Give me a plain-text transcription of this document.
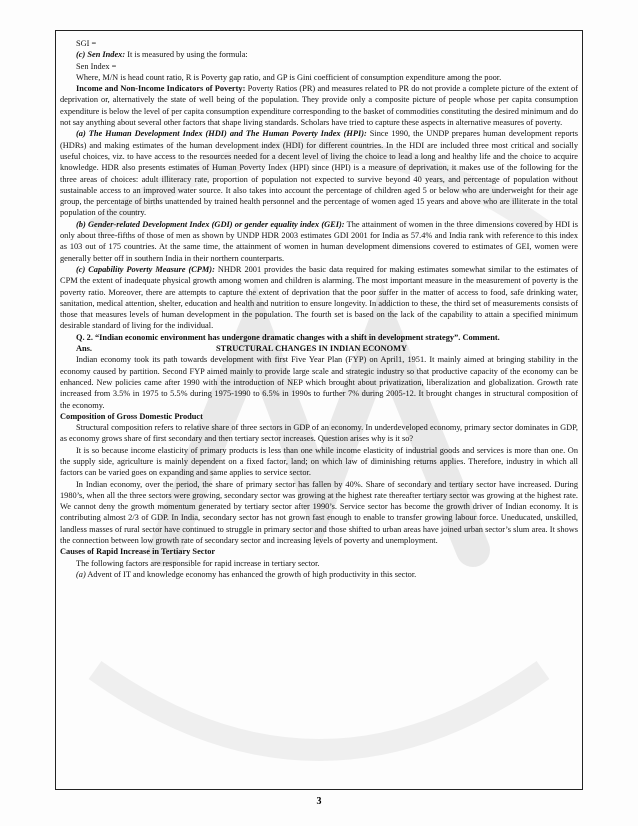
SGI =

(c) Sen Index: It is measured by using the formula:

Sen Index =

Where, M/N is head count ratio, R is Poverty gap ratio, and GP is Gini coefficient of consumption expenditure among the poor.

Income and Non-Income Indicators of Poverty: Poverty Ratios (PR) and measures related to PR do not provide a complete picture of the extent of deprivation or, alternatively the state of well being of the population. They provide only a composite picture of people whose per capita consumption expenditure is below the level of per capita consumption expenditure corresponding to the basket of commodities constituting the desired minimum and do not say anything about several other factors that shape living standards. Scholars have tried to capture these aspects in alternative measures of poverty.

(a) The Human Development Index (HDI) and The Human Poverty Index (HPI): Since 1990, the UNDP prepares human development reports (HDRs) and making estimates of the human development index (HDI) for different countries. In the HDI are included three most critical and socially useful choices, viz. to have access to the resources needed for a decent level of living the choice to lead a long and healthy life and the choice to acquire knowledge. HDR also presents estimates of Human Poverty Index (HPI) since (HPI) is a measure of deprivation, it makes use of the following for the three areas of choices: adult illiteracy rate, proportion of population not expected to survive beyond 40 years, and percentage of population without sustainable access to an improved water source. It also takes into account the percentage of children aged 5 or below who are underweight for their age group, the percentage of births unattended by trained health personnel and the percentage of women aged 15 years and above who are illiterate in the total population of the country.

(b) Gender-related Development Index (GDI) or gender equality index (GEI): The attainment of women in the three dimensions covered by HDI is only about three-fifths of those of men as shown by UNDP HDR 2003 estimates GDI 2001 for India as 57.4% and India rank with reference to this index as 103 out of 175 countries. At the same time, the attainment of women in human development dimensions covered to estimates of GEI, women were generally better off in southern India in their northern counterparts.

(c) Capability Poverty Measure (CPM): NHDR 2001 provides the basic data required for making estimates somewhat similar to the estimates of CPM the extent of inadequate physical growth among women and children is alarming. The most important measure in the measurement of poverty is the poverty ratio. Moreover, there are attempts to capture the extent of deprivation that the poor suffer in the matter of access to food, safe drinking water, sanitation, medical attention, shelter, education and health and nutrition to ensure longevity. In addiction to these, the third set of measurements consists of those that measures levels of human development in the population. The fourth set is based on the lack of the capability to attain a specified minimum desirable standard of living for the individual.

Q. 2. “Indian economic environment has undergone dramatic changes with a shift in development strategy”. Comment.

Ans.	STRUCTURAL CHANGES IN INDIAN ECONOMY

Indian economy took its path towards development with first Five Year Plan (FYP) on April1, 1951. It mainly aimed at bringing stability in the economy caused by partition. Second FYP aimed mainly to provide large scale and strategic industry so that productive capacity of the economy can be enhanced. New policies came after 1990 with the introduction of NEP which brought about privatization, liberalization and globalization. Growth rate increased from 3.5% in 1975 to 5.5% during 1975-1990 to 6.5% in 1990s to further 7% during 2005-12. It brought changes in structural composition of the economy.

Composition of Gross Domestic Product

Structural composition refers to relative share of three sectors in GDP of an economy. In underdeveloped economy, primary sector dominates in GDP, as economy grows share of first secondary and then tertiary sector increases. Question arises why is it so?

It is so because income elasticity of primary products is less than one while income elasticity of industrial goods and services is more than one. On the supply side, agriculture is mainly dependent on a fixed factor, land; on which law of diminishing returns applies. Therefore, industry in which all factors can be varied goes on expanding and same applies to service sector.

In Indian economy, over the period, the share of primary sector has fallen by 40%. Share of secondary and tertiary sector have increased. During 1980’s, when all the three sectors were growing, secondary sector was growing at the highest rate thereafter tertiary sector was growing at the highest rate. We cannot deny the growth momentum generated by tertiary sector after 1990’s. Service sector has become the growth driver of Indian economy. It is contributing almost 2/3 of GDP. In India, secondary sector has not grown fast enough to enable to transfer growing labour force. Uneducated, unskilled, landless masses of rural sector have continued to struggle in primary sector and those shifted to urban areas have joined urban sector’s slum area. It shows the connection between low growth rate of secondary sector and increasing levels of poverty and unemployment.

Causes of Rapid Increase in Tertiary Sector

The following factors are responsible for rapid increase in tertiary sector.

(a) Advent of IT and knowledge economy has enhanced the growth of high productivity in this sector.

3
